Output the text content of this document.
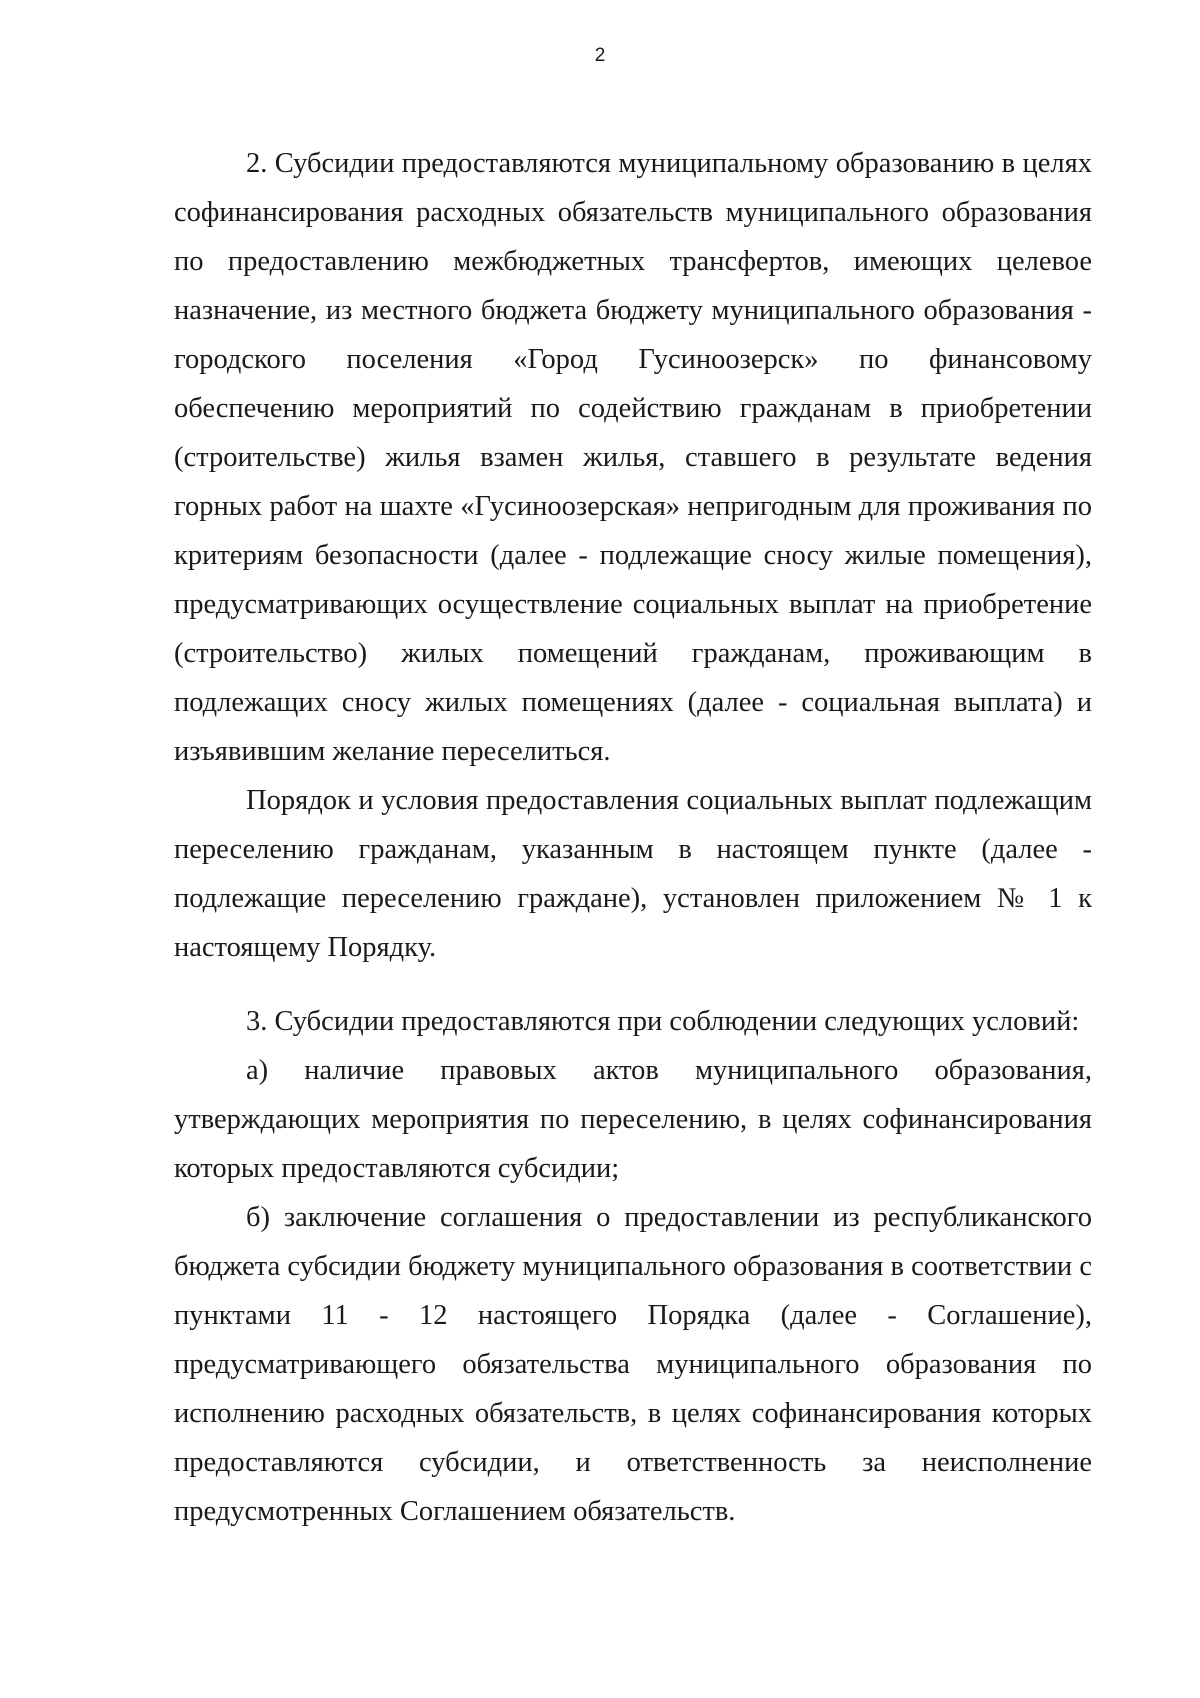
2

2. Субсидии предоставляются муниципальному образованию в целях софинансирования расходных обязательств муниципального образования по предоставлению межбюджетных трансфертов, имеющих целевое назначение, из местного бюджета бюджету муниципального образования - городского поселения «Город Гусиноозерск» по финансовому обеспечению мероприятий по содействию гражданам в приобретении (строительстве) жилья взамен жилья, ставшего в результате ведения горных работ на шахте «Гусиноозерская» непригодным для проживания по критериям безопасности (далее - подлежащие сносу жилые помещения), предусматривающих осуществление социальных выплат на приобретение (строительство) жилых помещений гражданам, проживающим в подлежащих сносу жилых помещениях (далее - социальная выплата) и изъявившим желание переселиться.

Порядок и условия предоставления социальных выплат подлежащим переселению гражданам, указанным в настоящем пункте (далее - подлежащие переселению граждане), установлен приложением № 1 к настоящему Порядку.

3. Субсидии предоставляются при соблюдении следующих условий:

а) наличие правовых актов муниципального образования, утверждающих мероприятия по переселению, в целях софинансирования которых предоставляются субсидии;

б) заключение соглашения о предоставлении из республиканского бюджета субсидии бюджету муниципального образования в соответствии с пунктами 11 - 12 настоящего Порядка (далее - Соглашение), предусматривающего обязательства муниципального образования по исполнению расходных обязательств, в целях софинансирования которых предоставляются субсидии, и ответственность за неисполнение предусмотренных Соглашением обязательств.
